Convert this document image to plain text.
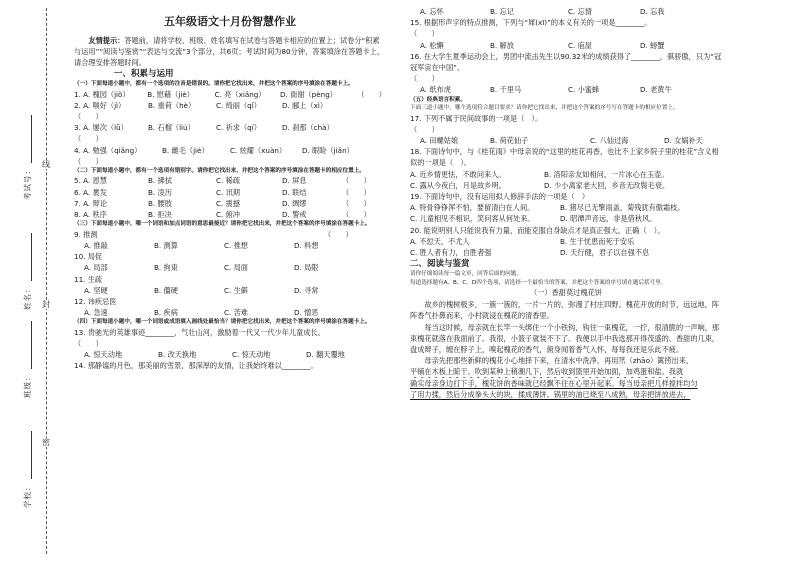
线
封
密
考试号：
姓名：
班级：
学校：
五年级语文十月份智慧作业
友情提示：答题前，请将学校、班级、姓名填写在试卷与答题卡相应的位置上；试卷分“积累与运用”“阅读与鉴赏”“表达与交流”3个部分，共6页；考试时间为80分钟，答案填涂在答题卡上，请合理安排答题时间。
一、积累与运用
（一）下面每道小题中，都有一个选项的注音是错误的。请你把它找出来，并把这个答案的序号填涂在答题卡上。
1. A. 槐园（jiǒ）	B. 慰藉（jiè）	C. 亮（xiǎng）	D. 衙谢（pèng）	（　　）
2. A. 嗤好（jì）	B. 重荷（hè）	C. 绮丽（qǐ）	D. 郦上（xì）
（　　）
3. A. 屡次（lǚ）	B. 石榴（liú）	C. 祈求（qí）	D. 刹那（chà）
（　　）
4. A. 勉强（qiǎng）	B. 雌毛（jié）	C. 炫耀（xuàn）	D. 眼睑（jiǎn）
（　　）
（二）下面每道小题中，都有一个选项有错别字。请你把它找出来，并把这个答案的序号填涂在答题卡的相应位置上。
5. A. 恩慧	B. 拂拭	C. 稀疏	D. 屏息	（　　）
6. A. 裹发	B. 凌历	C. 讯期	D. 联结	（　　）
7. A. 辩论	B. 腰肢	C. 震撼	D. 绸缪	（　　）
8. A. 秩序	B. 拒决	C. 俯冲	D. 警戒	（　　）
（三）下面每道小题中，哪一个词语和加点词语的意思最接近？请你把它找出来，并把这个答案的序号填涂在答题卡上。
9. 推测	（　　）
A. 推敲	B. 测算	C. 推想	D. 料想
10. 局促
A. 局部	B. 拘束	C. 局面	D. 局限
11. 生疏
A. 坚硬	B. 僵硬	C. 生僻	D. 寻常
12. 讳疾忌医
A. 急速	B. 疾病	C. 苦难	D. 憎恶
（四）下面每道小题中，哪一个词语或成语填入画线处最恰当？请你把它找出来，并把这个答案的序号填涂在答题卡上。
13. 贵驰光的英雄事迹________，气壮山河，激励着一代又一代少年儿童成长。
（　　）
A. 惊天动地	B. 改天换地	C. 惊天动地	D. 翻天覆地
14. 那静谧的月色，那美丽的雪景，那深厚的友情，让我始终难以________。
A. 忘怀	B. 忘记	C. 忘情	D. 忘我
15. 根据形声字的特点推测，下列与“犀(xī)”的本义有关的一项是________。
（　　）
A. 松懈	B. 解放	C. 庖屋	D. 螃蟹
16. 在大学生夏季运动会上，男团中流击先生以90.32米的成绩获得了________，骐骄傲，只为“冠冠军宙在中国”。
（　　）
A. 纸布虎	B. 千里马	C. 小蜜蜂	D. 老黄牛
（五）经典语言积累。
下面三道小题中，哪个选项符合题目要求？请你把它找出来，并把这个答案的序号写在答题卡的相应位置上。
17. 下列不属于民间故事的一项是（　）。
（　　）
A. 田螺姑娘	B. 荷花仙子	C. 八仙过海	D. 女娲补天
18. 下面诗句中，与《桂花雨》中母亲说的“这里的桂花再香，也比不上家乡院子里的桂花”含义相似的一项是（　）。
A. 近乡情更怯，不敢问来人。	B. 洛阳亲友如相问，一片冰心在玉壶。
C. 露从今夜白，月是故乡明。	D. 少小离家老大回，乡音无改鬓毛衰。
19. 下面诗句中，没有运用拟人修辞手法的一项是（　）
A. 特骨铮铮浑不怕，要留清白在人间。	B. 猪尽已无擎雨盖，菊残犹有傲霜枝。
C. 儿童相见不相识，笑问客从何处来。	D. 昭潭声音远，非是借秋风。
20. 能说明别人只能说我有力量，而能克服自身缺点才是真正强大。正确（　）。
A. 不愆天，不尤人	B. 生于忧患而死于安乐
C. 胜人者有力，自胜者强	D. 天行健，君子以自强不息
二、阅读与鉴赏
请你仔细阅读每一篇文章，回答后面的问题。
每道选择题有A、B、C、D四个选项，请选择一个最恰当的答案，并把这个答案的序号填在题后括号里。
（一）香甜莫过槐花饼
故乡的槐树极多，一簇一簇的，一片一片的，弥漫了村庄四野。槐花开放的时节，远远地，阵阵香气扑鼻而来，小村就浸在槐花的清香里。
每当这时候，母亲就在长竿一头绑住一个小铁钩，钩住一束槐花，一拧，很清脆的一声响，那束槐花就落在我面前了。我很，小篮子就装不下了。我便以手中我选那开得茂盛的、香甜的几束，盘成辫子，缠在脖子上，嗅起槐花的香气，俯身闻着香气入怀，每每我还是乐此不疲。
母亲先把那些新鲜的槐花小心地择下来，在清水中洗净，再用笊（zhāo）篱捞出来，
平铺在木板上晾干。吹到某种上稍潮几下，然后收到篮里开始加面，加鸡蛋和盐。我就
确实母亲身边打下手，槐花饼的香味就已经飘不住在心里升起来。每当母亲把几样搅拌均匀
了用力揉，然后分成拳头大的块，揉成薄饼。锅里的油已烧至八成熟，母亲把饼放进去，
